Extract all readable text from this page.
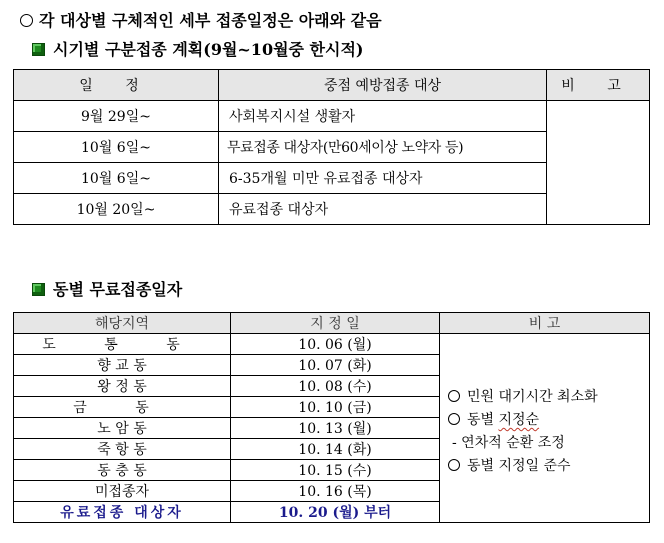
각 대상별 구체적인 세부 접종일정은 아래와 같음
시기별 구분접종 계획(9월~10월중 한시적)
일 정	중점 예방접종 대상	비 고
9월 29일~	사회복지시설 생활자	
10월 6일~	무료접종 대상자(만60세이상 노약자 등)	
10월 6일~	6-35개월 미만 유료접종 대상자	
10월 20일~	유료접종 대상자	
동별 무료접종일자
해당지역	지 정 일	비 고
도 통 동	10. 06 (월)	민원 대기시간 최소화
동별 지정순
- 연차적 순환 조정
동별 지정일 준수

향 교 동	10. 07 (화)	
왕 정 동	10. 08 (수)	
금 동	10. 10 (금)	
노 암 동	10. 13 (월)	
죽 항 동	10. 14 (화)	
동 충 동	10. 15 (수)	
미접종자	10. 16 (목)	
유료접종 대상자	10. 20 (월) 부터	
